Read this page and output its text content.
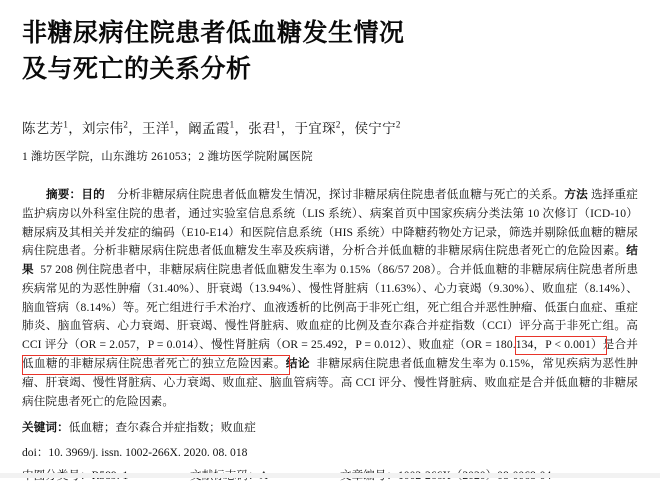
非糖尿病住院患者低血糖发生情况
及与死亡的关系分析
陈艺芳$^1$，刘宗伟$^2$，王洋$^1$，阚孟霞$^1$，张君$^1$，于宜琛$^2$，侯宁宁$^2$
1 潍坊医学院，山东潍坊 261053；2 潍坊医学院附属医院
摘要：目的 分析非糖尿病住院患者低血糖发生情况，探讨非糖尿病住院患者低血糖与死亡的关系。方法 选择重症监护病房以外科室住院的患者，通过实验室信息系统（LIS 系统）、病案首页中国家疾病分类法第 10 次修订（ICD-10）糖尿病及其相关并发症的编码（E10-E14）和医院信息系统（HIS 系统）中降糖药物处方记录，筛选并剔除低血糖的糖尿病住院患者。分析非糖尿病住院患者低血糖发生率及疾病谱，分析合并低血糖的非糖尿病住院患者死亡的危险因素。结果 57 208 例住院患者中，非糖尿病住院患者低血糖发生率为 0.15%（86/57 208）。合并低血糖的非糖尿病住院患者所患疾病常见的为恶性肿瘤（31.40%）、肝衰竭（13.94%）、慢性肾脏病（11.63%）、心力衰竭（9.30%）、败血症（8.14%）、脑血管病（8.14%）等。死亡组进行手术治疗、血液透析的比例高于非死亡组，死亡组合并恶性肿瘤、低蛋白血症、重症肺炎、脑血管病、心力衰竭、肝衰竭、慢性肾脏病、败血症的比例及查尔森合并症指数（CCI）评分高于非死亡组。高 CCI 评分（OR = 2.057，P = 0.014）、慢性肾脏病（OR = 25.492，P = 0.012）、败血症（OR = 180.134，P < 0.001）是合并低血糖的非糖尿病住院患者死亡的独立危险因素。结论 非糖尿病住院患者低血糖发生率为 0.15%，常见疾病为恶性肿瘤、肝衰竭、慢性肾脏病、心力衰竭、败血症、脑血管病等。高 CCI 评分、慢性肾脏病、败血症是合并低血糖的非糖尿病住院患者死亡的危险因素。
关键词：低血糖；查尔森合并症指数；败血症
doi：10. 3969/j. issn. 1002-266X. 2020. 08. 018
